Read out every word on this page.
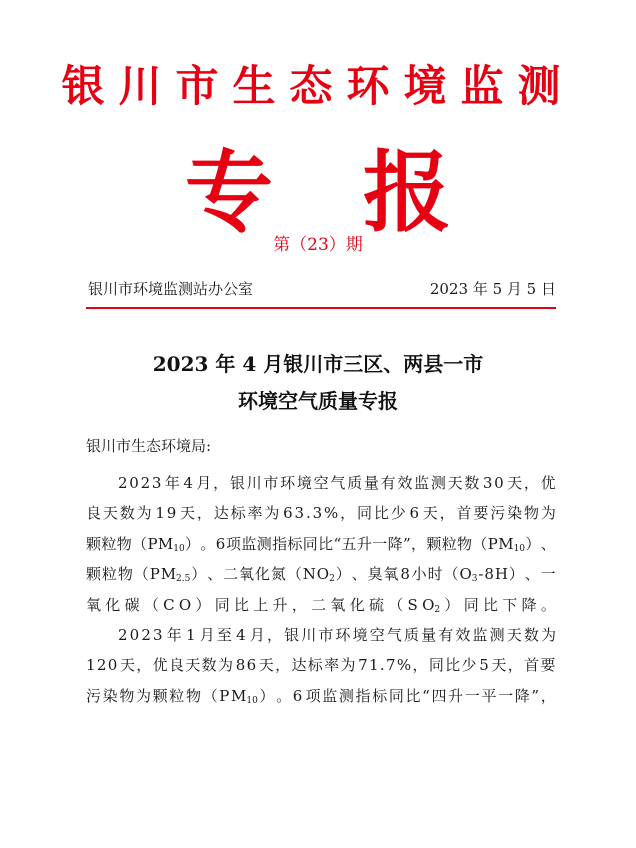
银川市生态环境监测
专 报
第（23）期
银川市环境监测站办公室	2023 年 5 月 5 日
2023 年 4 月银川市三区、两县一市
环境空气质量专报
银川市生态环境局:
2 0 2 3 年 4 月 ， 银 川 市 环 境 空 气 质 量 有 效 监 测 天 数 3 0 天 ， 优
良 天 数 为 1 9 天 ， 达 标 率 为 6 3 . 3 % ， 同 比 少 6 天 ， 首 要 污 染 物 为
颗 粒 物 （ P $M_{10}$ ） 。 6 项 监 测 指 标 同 比 “ 五 升 一 降 ” ， 颗 粒 物 （ P $M_{10}$ ） 、
颗 粒 物 （ P $M_{2.5}$ ） 、 二 氧 化 氮 （ N $O_2$ ） 、 臭 氧 8 小 时 （ $O_3 - 8$ H ） 、 一
氧 化 碳 （ C O ） 同 比 上 升 ， 二 氧 化 硫 （ S $O_2$ ） 同 比 下 降 。
2 0 2 3 年 1 月 至 4 月 ， 银 川 市 环 境 空 气 质 量 有 效 监 测 天 数 为
1 2 0 天 ， 优 良 天 数 为 8 6 天 ， 达 标 率 为 7 1 . 7 % ， 同 比 少 5 天 ， 首 要
污 染 物 为 颗 粒 物 （ P $M_{10}$ ） 。 6 项 监 测 指 标 同 比 “ 四 升 一 平 一 降 ” ，
